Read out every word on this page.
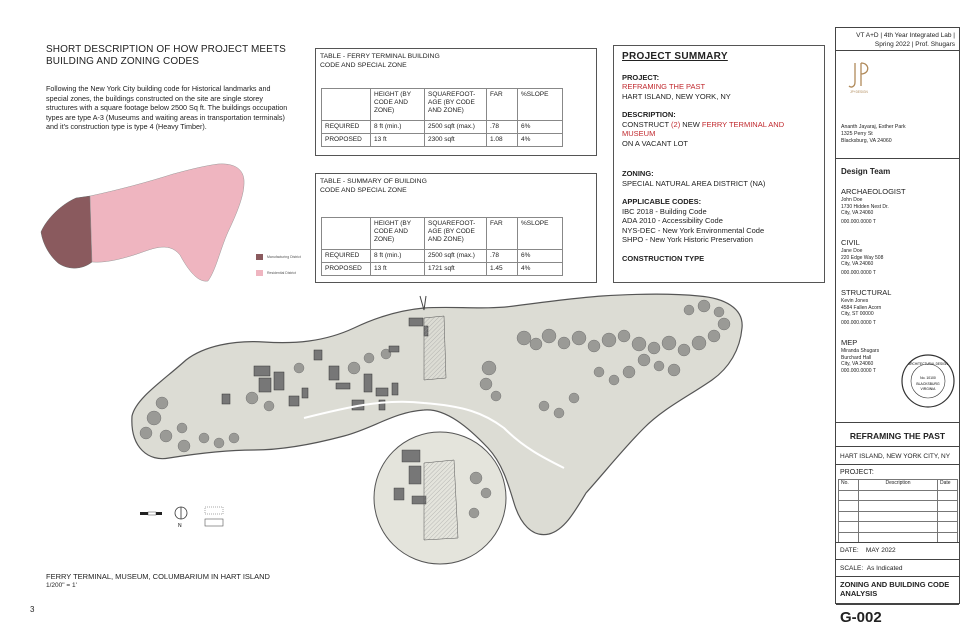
SHORT DESCRIPTION OF HOW PROJECT MEETS BUILDING AND ZONING CODES
Following the New York City building code for Historical landmarks and special zones, the buildings constructed on the site are single storey structures with a square footage below 2500 Sq ft. The buildings occupation types are type A-3 (Museums and waiting areas in transportation terminals) and it's construction type is type 4 (Heavy Timber).
Manufacturing District
Residential District
TABLE - FERRY TERMINAL BUILDING
CODE AND SPECIAL ZONE
	HEIGHT (BY CODE AND ZONE)	SQUAREFOOT-AGE (BY CODE AND ZONE)	FAR	%SLOPE
REQUIRED	8 ft (min.)	2500 sqft (max.)	.78	6%
PROPOSED	13 ft	2300 sqft	1.08	4%
TABLE - SUMMARY OF BUILDING
CODE AND SPECIAL ZONE
	HEIGHT (BY CODE AND ZONE)	SQUAREFOOT-AGE (BY CODE AND ZONE)	FAR	%SLOPE
REQUIRED	8 ft (min.)	2500 sqft (max.)	.78	6%
PROPOSED	13 ft	1721 sqft	1.45	4%
PROJECT SUMMARY
PROJECT:
REFRAMING THE PAST
HART ISLAND, NEW YORK, NY
DESCRIPTION:
CONSTRUCT (2) NEW FERRY TERMINAL AND MUSEUM
ON A VACANT LOT
ZONING:
SPECIAL NATURAL AREA DISTRICT (NA)
APPLICABLE CODES:
IBC 2018 - Building Code
ADA 2010 - Accessibility Code
NYS-DEC - New York Environmental Code
SHPO - New York Historic Preservation
CONSTRUCTION TYPE
VT A+D | 4th Year Integrated Lab |
Spring 2022 | Prof. Shugars
JP+DESIGN
Ananth Jayaraj, Esther Park
1325 Perry St
Blacksburg, VA 24060
Design Team
ARCHAEOLOGIST
John Doe
1730 Hidden Nest Dr.
City, VA 24060
000.000.0000 T
CIVIL
Jane Doe
220 Edge Way 508
City, VA 24060
000.000.0000 T
STRUCTURAL
Kevin Jones
4584 Fallen Acorn
City, ST 00000
000.000.0000 T
MEP
Miranda Shugars
Burchard Hall
City, VA 24060
000.000.0000 T
ARCHITECTURAL DESIGN
No. 10100
BLACKSBURG
VIRGINIA
REFRAMING THE PAST
HART ISLAND, NEW YORK CITY, NY
PROJECT:
No.	Description	Date

DATE: MAY 2022
SCALE: As Indicated
ZONING AND BUILDING CODE ANALYSIS
G-002
N
FERRY TERMINAL, MUSEUM, COLUMBARIUM IN HART ISLAND
1/200" = 1'
3
